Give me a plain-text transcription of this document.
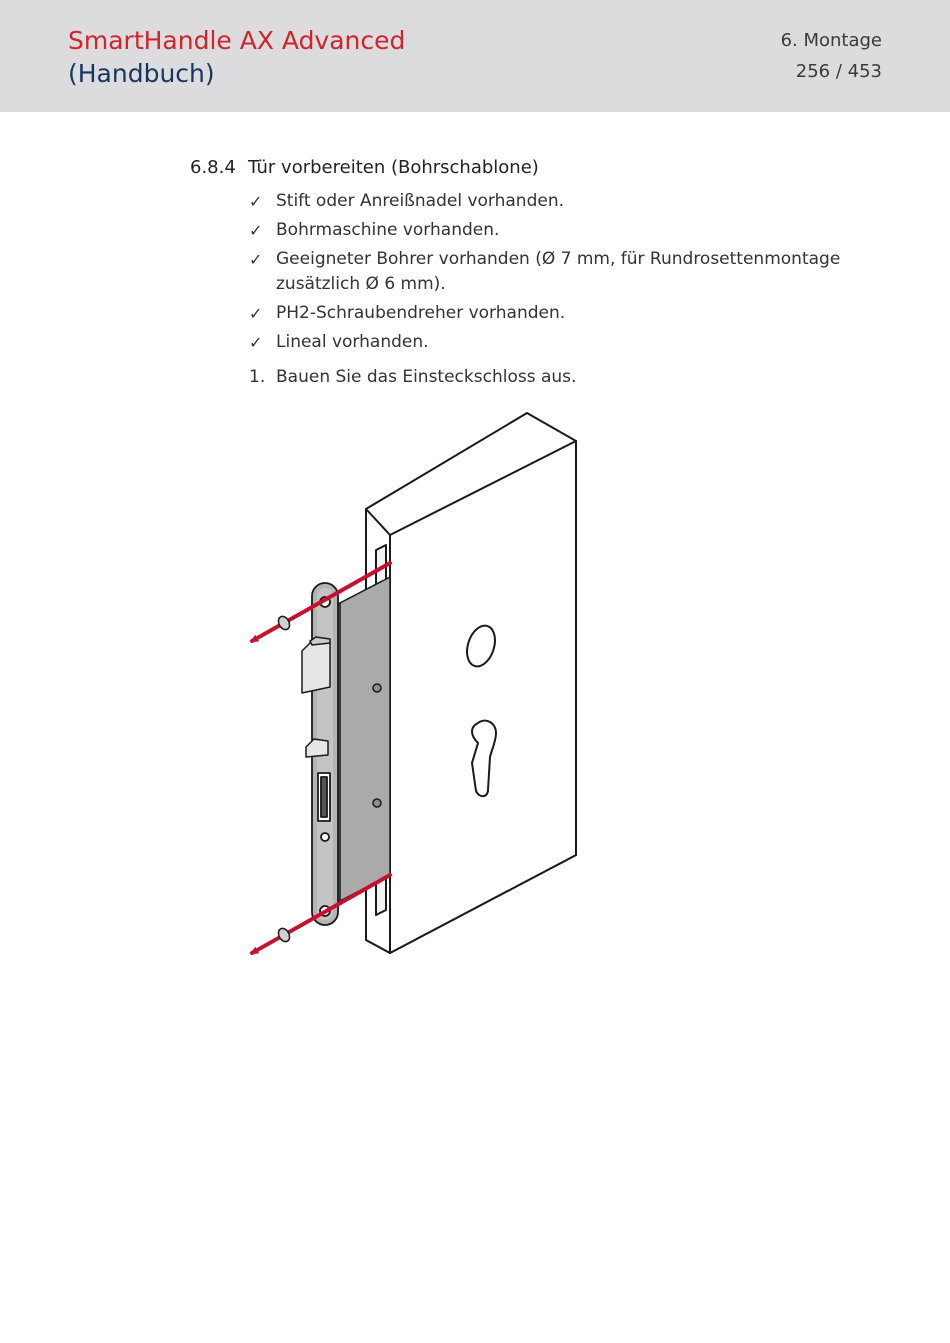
SmartHandle AX Advanced
(Handbuch)
6. Montage
256 / 453
6.8.4 Tür vorbereiten (Bohrschablone)
✓ Stift oder Anreißnadel vorhanden.
✓ Bohrmaschine vorhanden.
✓ Geeigneter Bohrer vorhanden (Ø 7 mm, für Rundrosettenmontage zusätzlich Ø 6 mm).
✓ PH2-Schraubendreher vorhanden.
✓ Lineal vorhanden.
1. Bauen Sie das Einsteckschloss aus.
